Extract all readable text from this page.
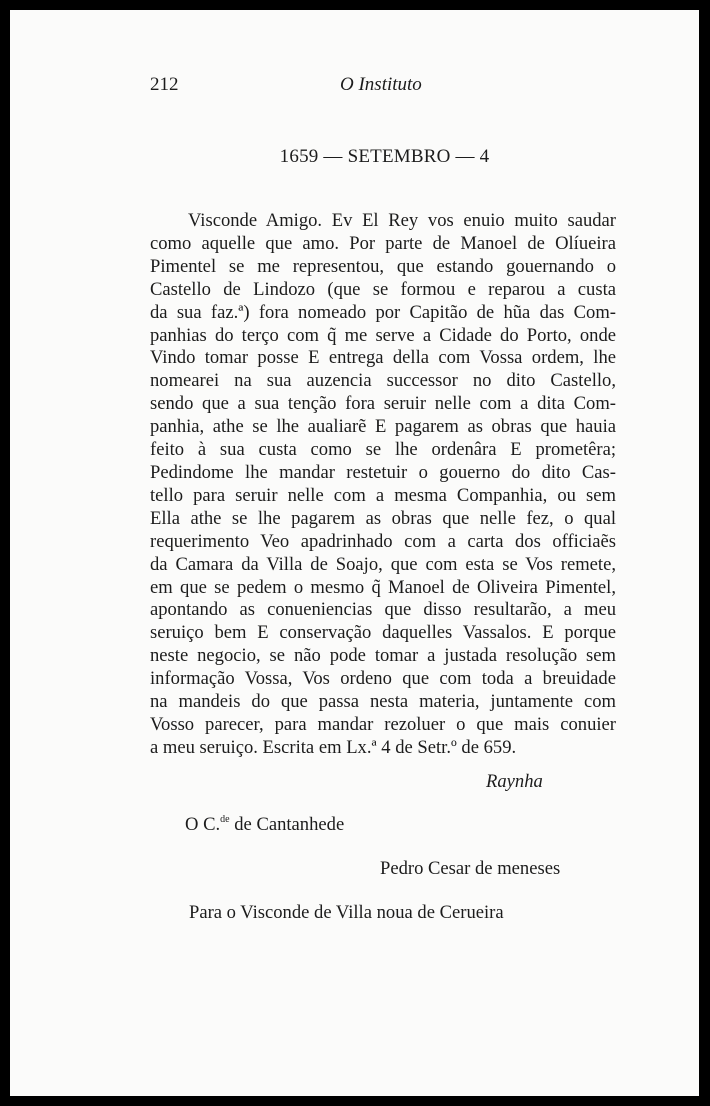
212	O Instituto
1659 — SETEMBRO — 4
Visconde Amigo. Ev El Rey vos enuio muito saudar
como aquelle que amo. Por parte de Manoel de Olíueira
Pimentel se me representou, que estando gouernando o
Castello de Lindozo (que se formou e reparou a custa
da sua faz.ª) fora nomeado por Capitão de hũa das Com-
panhias do terço com q̃ me serve a Cidade do Porto, onde
Vindo tomar posse E entrega della com Vossa ordem, lhe
nomearei na sua auzencia successor no dito Castello,
sendo que a sua tenção fora seruir nelle com a dita Com-
panhia, athe se lhe aualiarẽ E pagarem as obras que hauia
feito à sua custa como se lhe ordenâra E prometêra;
Pedindome lhe mandar restetuir o gouerno do dito Cas-
tello para seruir nelle com a mesma Companhia, ou sem
Ella athe se lhe pagarem as obras que nelle fez, o qual
requerimento Veo apadrinhado com a carta dos officiaẽs
da Camara da Villa de Soajo, que com esta se Vos remete,
em que se pedem o mesmo q̃ Manoel de Oliveira Pimentel,
apontando as conueniencias que disso resultarão, a meu
seruiço bem E conservação daquelles Vassalos. E porque
neste negocio, se não pode tomar a justada resolução sem
informação Vossa, Vos ordeno que com toda a breuidade
na mandeis do que passa nesta materia, juntamente com
Vosso parecer, para mandar rezoluer o que mais conuier
a meu seruiço. Escrita em Lx.ª 4 de Setr.º de 659.
Raynha
O C.$^{de}$ de Cantanhede
Pedro Cesar de meneses
Para o Visconde de Villa noua de Cerueira
